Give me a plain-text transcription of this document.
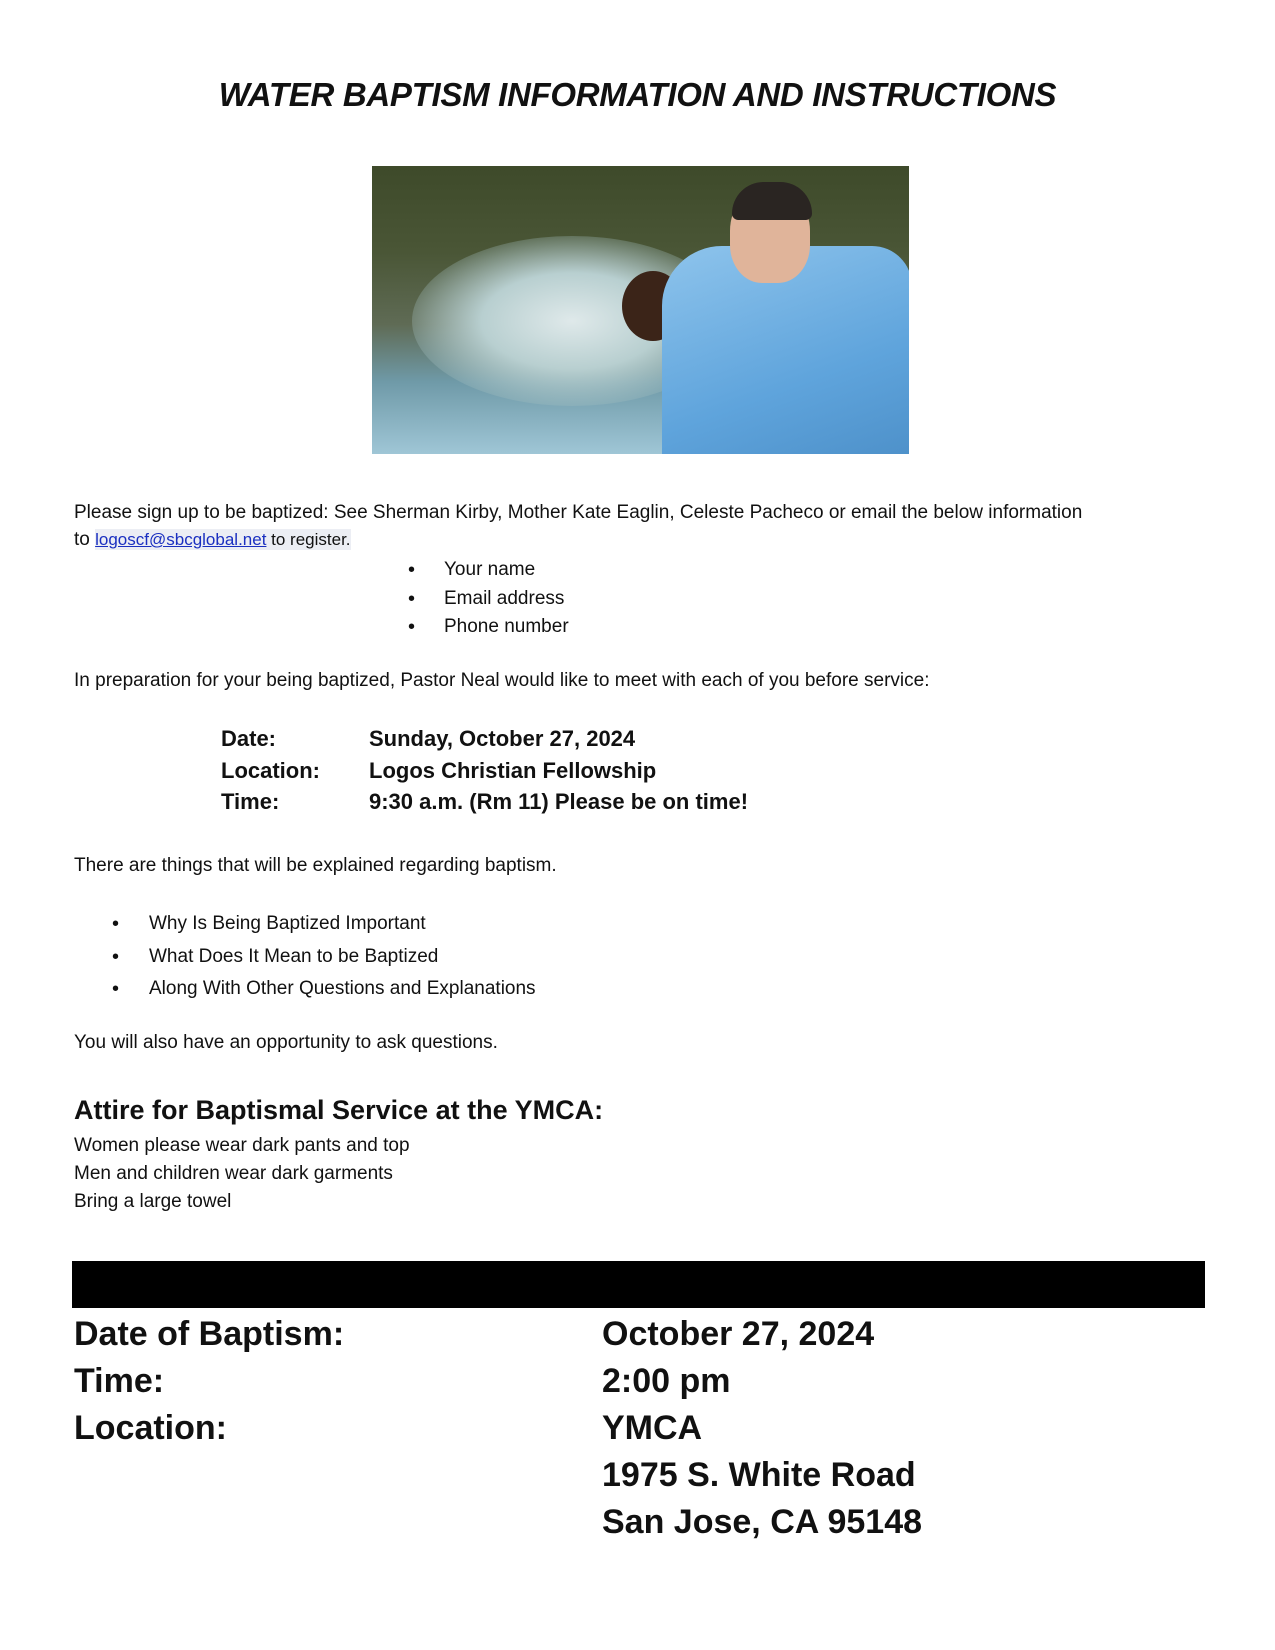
WATER BAPTISM INFORMATION AND INSTRUCTIONS
Please sign up to be baptized: See Sherman Kirby, Mother Kate Eaglin, Celeste Pacheco or email the below information
to logoscf@sbcglobal.net to register.
• Your name
• Email address
• Phone number
In preparation for your being baptized, Pastor Neal would like to meet with each of you before service:
Date:	Sunday, October 27, 2024
Location:	Logos Christian Fellowship
Time:	9:30 a.m. (Rm 11) Please be on time!
There are things that will be explained regarding baptism.
• Why Is Being Baptized Important
• What Does It Mean to be Baptized
• Along With Other Questions and Explanations
You will also have an opportunity to ask questions.
Attire for Baptismal Service at the YMCA:
Women please wear dark pants and top
Men and children wear dark garments
Bring a large towel
Date of Baptism:	October 27, 2024
Time:	2:00 pm
Location:	YMCA
1975 S. White Road
San Jose, CA 95148
